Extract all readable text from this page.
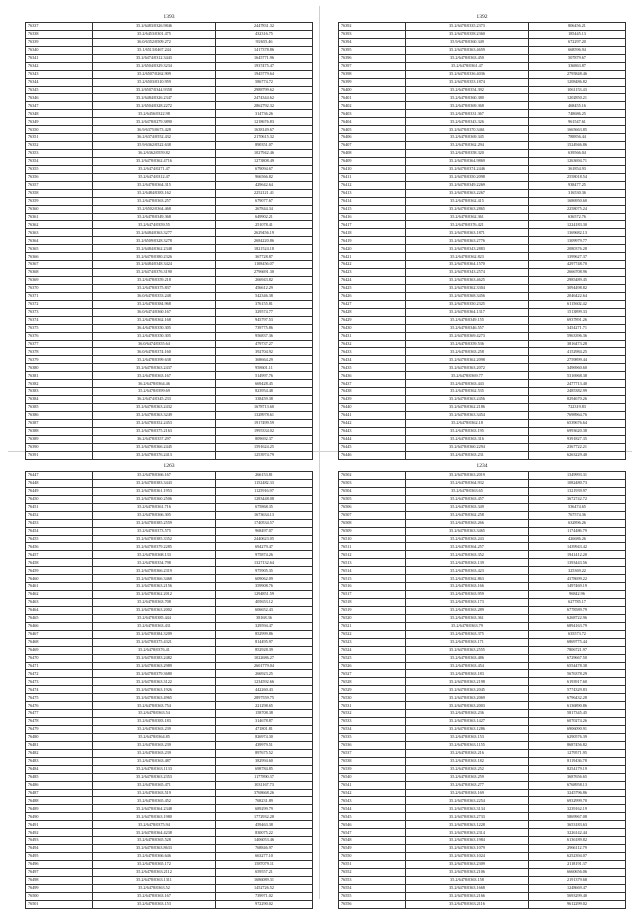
1393
76337	35.2/6483/0326.9846	2447831.32
76338	35.2/6453/0301.475	432316.75
76339	36.0/6352/0509.272	93/655.46
76340	35.1/6513/0467.244	1417378.86
76341	35.2/6474/0312.3443	1645771.96
76342	35.2/6504/0329.3234	1937475.47
76343	35.2/6507/0262.909	1945779.64
76344	35.2/6503/0310.959	586774.72
76345	35.2/6507/0344.9358	2988799.62
76346	35.2/6484/0326.2347	2474344.62
76347	35.2/6504/0328.2272	2862792.32
76348	35.2/6456/0322.98	314736.26
76349	35.2/6478/0279.3890	1218676.83
76350	36.9/6375/0673.428	1638149.67
76351	36.2/6374/0552.432	2170615.32
76352	35.9/6362/0522.638	890351.07
76353	36.2/6362/0559.82	1027942.46
76354	35.2/6478/0362.4716	1273808.49
76355	35.2/6474/0271.47	679094.67
76356	35.2/6474/0312.47	966566.82
76357	35.2/6478/0364.315	429642.64
76358	35.2/6484/0383.162	2252121.41
76359	35.2/6478/0363.257	679077.67
76360	35.2/6502/0364.468	267844.34
76361	35.2/6478/0349.368	649902.21
76362	35.2/6474/0359.55	251078.41
76363	35.2/6484/0363.3277	2629456.19
76364	35.2/6509/0328.3278	2684220.86
76365	35.2/6484/0362.2348	1821524.18
76366	35.2/6478/0380.2326	367728.87
76367	35.2/6484/0348.3424	1108456.07
76368	35.2/6474/0376.3190	2796691.30
76369	35.2/6478/0359.218	266943.82
76370	35.2/6478/0375.837	456612.29
76371	36.0/6478/0353.248	542346.38
76372	35.2/6478/0384.968	376155.81
76373	36.0/6474/0360.167	329574.77
76374	35.2/6478/0362.168	945797.53
76375	36.4/6478/0350.305	739775.86
76376	35.2/6478/0350.305	956837.36
76377	36.0/6474/0355.64	479737.27
76378	36.0/6478/0374.160	392704.92
76379	35.2/6478/0399.638	368664.29
76380	35.2/6478/0363.2437	958601.11
76381	35.2/6478/0363.167	514997.76
76382	36.2/6478/0364.46	669428.45
76383	35.2/6478/0399.69	823954.48
76384	36.2/6474/0345.233	338459.38
76385	35.2/6478/0363.2432	1678713.60
76386	35.2/6478/0363.3249	1328978.61
76387	35.2/6478/0352.2453	1917499.59
76388	35.2/6478/0375.2163	1995334.02
76389	36.2/6478/0357.297	809692.37
76390	35.2/6478/0366.2445	1591624.25
76391	35.2/6478/0376.2413	1253974.79
1392
76392	35.2/6478/0335.2373	806456.21
76393	35.2/6478/0358.2360	185445.13
76394	35.9/6478/0360.349	672297.20
76395	35.2/6478/0363.4659	668596.94
76396	35.2/6478/0363.450	507879.67
76397	35.2/6478/0361.47	336863.87
76398	35.2/6478/0336.4036	2795848.46
76399	35.2/6478/0353.1874	1208486.82
76400	35.2/6478/0354.392	1061153.43
76401	35.2/6478/0360.380	1202850.21
76402	35.2/6478/0369.368	468455.16
76403	35.2/6478/0331.367	748686.25
76404	35.2/6478/0343.326	961547.61
76405	35.2/6478/0370.3461	1665663.85
76406	35.2/6478/0369.345	788856.44
76407	35.2/6478/0362.294	1524946.86
76408	35.2/6478/0358.320	639566.04
76409	35.2/6478/0364.9869	1263694.71
76410	35.2/6478/0374.2446	361854.93
76411	35.2/6478/0350.2098	2558018.54
76412	35.2/6478/0349.2269	938477.25
76413	35.2/6478/0363.2267	316530.36
76414	35.2/6478/0362.415	1686950.60
76415	35.2/6478/0363.2865	2258075.24
76416	35.2/6478/0362.361	636572.76
76417	35.2/6478/0376.421	1224183.30
76418	35.2/6478/0363.1871	1369682.13
76419	35.2/6478/0363.2776	1309979.77
76420	35.2/6478/0343.2883	2080376.28
76421	35.2/6478/0362.823	1399627.37
76422	35.2/6478/0364.1570	4297748.70
76423	35.2/6478/0343.2574	2666708.96
76424	35.2/6478/0363.4625	2985489.45
76425	35.2/6478/0362.3304	3094498.82
76426	35.2/6478/0368.3456	2046422.64
76427	35.2/6478/0350.2325	6115602.42
76428	35.2/6478/0364.1317	1513899.33
76429	35.2/6478/0349.155	6937891.26
76430	35.2/6478/0346.557	3454271.71
76431	35.2/6478/0369.4273	5963396.36
76432	35.2/6478/0359.536	3816473.28
76433	35.2/6478/0363.258	4152984.25
76434	35.2/6478/0362.2098	2759899.44
76435	35.2/6478/0363.2072	3496960.60
76436	35.2/6478/0369.77	5316968.38
76437	35.2/6478/0363.443	2477713.40
76438	35.2/6478/0362.535	2485382.99
76439	35.2/6478/0363.2456	8294670.26
76440	35.2/6478/0362.2186	722319.83
76441	35.2/6478/0363.3454	7698964.76
76442	35.2/6478/0362.18	6539676.64
76443	35.2/6478/0363.195	6993620.38
76444	35.2/6478/0363.316	9391827.35
76445	35.2/6478/0360.2294	2367722.21
76446	35.2/6478/0363.231	6263229.40
1263
76447	35.2/6478/0366.167	266153.81
76448	35.2/6478/0383.3443	1152482.33
76449	35.2/6478/0361.1953	1125916.97
76450	35.2/6478/0360.2506	1283448.08
76451	35.2/6478/0361.716	675868.35
76452	35.2/6478/0366.305	1673634.13
76453	35.2/6478/0385.2559	1740534.57
76454	35.2/6478/0373.575	968497.07
76455	35.2/6478/0385.3352	2440623.05
76456	35.2/6478/0379.2285	694279.47
76457	35.2/6478/0368.133	975874.26
76458	35.2/6478/0354.798	1327132.64
76459	35.2/6478/0366.2319	975905.35
76460	35.2/6478/0366.3468	609062.09
76461	35.2/6478/0363.2156	359908.76
76462	35.2/6478/0362.2012	1294851.59
76463	35.2/6478/0363.708	405653.12
76464	35.2/6478/0363.2002	606652.43
76465	35.2/6478/0385.444	38168.36
76466	35.2/6478/0363.431	329594.47
76467	35.2/6478/0384.3209	852999.86
76468	35.2/6478/0375.4321	814495.97
76469	35.2/6478/0376.41	852928.39
76470	35.2/6478/0383.2482	1022686.27
76471	35.2/6478/0363.2989	2601779.04
76472	35.2/6478/0379.3680	266923.25
76473	35.2/6478/0363.3122	1234592.66
76474	35.2/6478/0363.1926	442260.43
76475	35.2/6478/0363.4965	2897559.75
76476	35.2/6478/0363.754	221298.65
76477	35.2/6478/0363.54	158708.38
76478	35.2/6478/0383.183	314678.87
76479	35.2/6478/0363.239	471801.81
76480	35.2/6478/0364.85	826974.30
76481	35.2/6478/0363.239	439979.51
76482	35.2/6478/0363.239	897675.52
76483	35.2/6478/0363.487	382994.60
76484	35.2/6478/0363.1133	698784.85
76485	35.2/6478/0363.2353	1177890.37
76486	35.2/6478/0365.471	1031167.73
76487	35.2/6478/0363.519	3768668.26
76488	35.2/6478/0365.452	768231.89
76489	35.2/6478/0364.2348	689299.79
76490	35.2/6478/0363.1980	1772932.28
76491	35.2/6478/0375.94	459463.38
76492	35.2/6478/0364.4238	830075.22
76493	35.2/6478/0365.528	1406053.46
76494	35.2/6478/0363.8633	768846.97
76495	35.2/6478/0366.646	663277.10
76496	35.2/6478/0365.172	1587079.11
76497	35.2/6478/0363.2112	659557.21
76498	35.2/6478/0363.1311	1686089.31
76499	35.2/6478/0363.52	1452726.52
76500	35.2/6478/0363.167	739971.02
76501	35.2/6478/0363.153	972290.02
1234
76502	35.2/6478/0363.2019	1349993.31
76503	35.2/6478/0364.932	1082480.73
76504	35.2/6478/0363.65	1321939.97
76505	35.2/6478/0363.457	3672742.72
76506	35.2/6478/0363.349	536474.65
76507	35.2/6478/0362.258	767574.36
76508	35.2/6478/0363.266	632896.26
76509	35.2/6478/0363.3465	1174486.79
76510	35.2/6478/0363.243	426686.26
76511	35.2/6478/0364.257	1439943.42
76512	35.2/6478/0363.352	1941412.20
76513	35.2/6478/0363.139	1393443.56
76514	35.2/6478/0363.423	325369.22
76515	35.2/6478/0362.863	4378699.22
76516	35.2/6478/0363.166	1497469.19
76517	35.2/6478/0363.959	96842.96
76518	35.2/6478/0363.173	627785.17
76519	35.2/6478/0363.289	6778589.79
76520	35.2/6478/0363.361	6268722.96
76521	35.2/6478/0363.79	6894163.79
76522	35.2/6478/0363.375	635573.72
76523	35.2/6478/0363.171	6869775.44
76524	35.2/6478/0363.2555	7806721.97
76525	35.2/6478/0363.486	6729667.50
76526	35.2/6478/0363.454	6554478.38
76527	35.2/6478/0363.183	5676378.29
76528	35.2/6478/0363.2198	6193917.60
76529	35.2/6478/0363.2045	5774329.83
76530	35.2/6478/0363.2069	6796432.28
76531	35.2/6478/0363.2003	6136890.86
76532	35.2/6478/0363.236	5817345.45
76533	35.2/6478/0363.1427	6070274.26
76534	35.2/6478/0363.1286	6906090.91
76535	35.2/6478/0363.153	6290576.39
76536	35.2/6478/0363.1155	8687456.82
76537	35.2/6478/0363.216	1279571.95
76538	35.2/6478/0363.182	8119436.78
76539	35.2/6478/0363.252	8254179.19
76540	35.2/6478/0363.259	3687656.65
76541	35.2/6478/0363.277	6768958.13
76542	35.2/6478/0363.169	3245796.86
76543	35.2/6478/0363.2254	6932999.70
76544	35.2/6478/0363.3134	3239162.19
76545	35.2/6478/0363.2733	5869967.08
76546	35.2/6478/0363.1228	3653183.63
76547	35.2/6478/0363.2314	3226142.44
76548	35.2/6478/0363.1984	6136189.82
76549	35.2/6478/0363.1079	2966112.79
76550	35.2/6478/0363.1024	6252394.07
76551	35.2/6478/0363.2309	2118191.37
76552	35.2/6478/0363.2106	6660656.06
76553	35.2/6478/0363.158	2191379.68
76554	35.2/6478/0363.1668	1248669.47
76555	35.2/6478/0363.2166	5693299.40
76556	35.2/6478/0363.2116	9612299.02
